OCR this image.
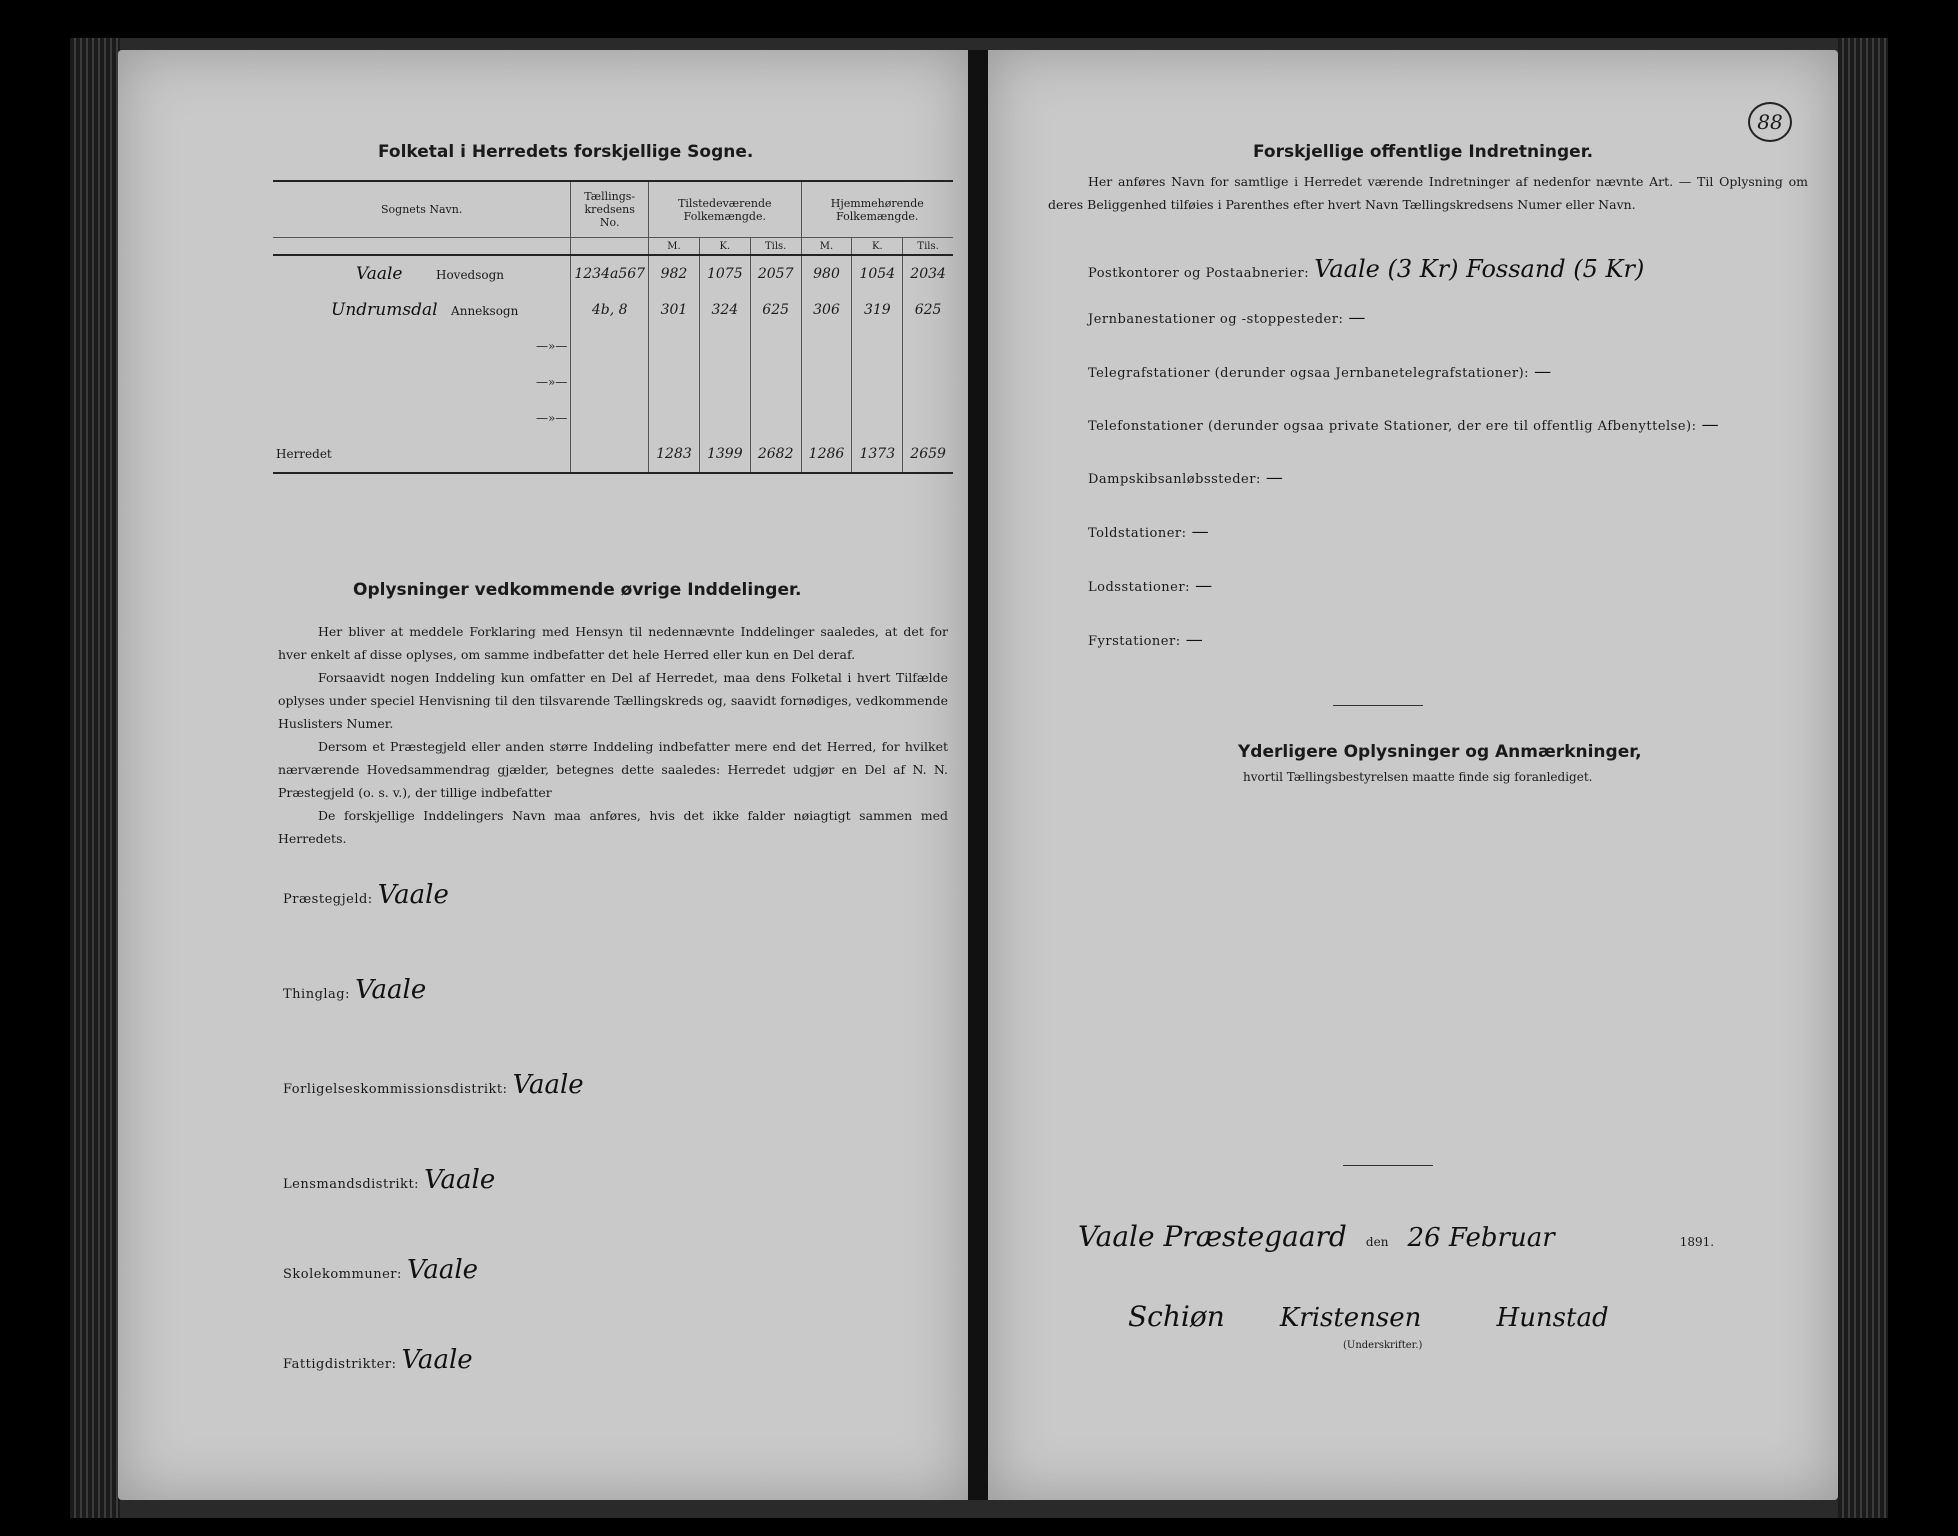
Folketal i Herredets forskjellige Sogne.
Sognets Navn.	Tællings-kredsens No.	Tilstedeværende Folkemængde.			Hjemmehørende Folkemængde.		
		M.	K.	Tils.	M.	K.	Tils.
Vaale Hovedsogn	1234a567	982	1075	2057	980	1054	2034
Undrumsdal Anneksogn	4b, 8	301	324	625	306	319	625
—»—							
—»—							
—»—							
Herredet		1283	1399	2682	1286	1373	2659
Oplysninger vedkommende øvrige Inddelinger.
Her bliver at meddele Forklaring med Hensyn til nedennævnte Inddelinger saaledes, at det for hver enkelt af disse oplyses, om samme indbefatter det hele Herred eller kun en Del deraf.
Forsaavidt nogen Inddeling kun omfatter en Del af Herredet, maa dens Folketal i hvert Tilfælde oplyses under speciel Henvisning til den tilsvarende Tællingskreds og, saavidt fornødiges, vedkommende Huslisters Numer.
Dersom et Præstegjeld eller anden større Inddeling indbefatter mere end det Herred, for hvilket nærværende Hovedsammendrag gjælder, betegnes dette saaledes: Herredet udgjør en Del af N. N. Præstegjeld (o. s. v.), der tillige indbefatter
De forskjellige Inddelingers Navn maa anføres, hvis det ikke falder nøiagtigt sammen med Herredets.
Præstegjeld: Vaale
Thinglag: Vaale
Forligelseskommissionsdistrikt: Vaale
Lensmandsdistrikt: Vaale
Skolekommuner: Vaale
Fattigdistrikter: Vaale
88
Forskjellige offentlige Indretninger.
Her anføres Navn for samtlige i Herredet værende Indretninger af nedenfor nævnte Art. — Til Oplysning om deres Beliggenhed tilføies i Parenthes efter hvert Navn Tællingskredsens Numer eller Navn.
Postkontorer og Postaabnerier: Vaale (3 Kr) Fossand (5 Kr)
Jernbanestationer og -stoppesteder: —
Telegrafstationer (derunder ogsaa Jernbanetelegrafstationer): —
Telefonstationer (derunder ogsaa private Stationer, der ere til offentlig Afbenyttelse): —
Dampskibsanløbssteder: —
Toldstationer: —
Lodsstationer: —
Fyrstationer: —
Yderligere Oplysninger og Anmærkninger,
hvortil Tællingsbestyrelsen maatte finde sig foranlediget.
Vaale Præstegaard den 26 Februar	1891.
Schiøn Kristensen	Hunstad
(Underskrifter.)
